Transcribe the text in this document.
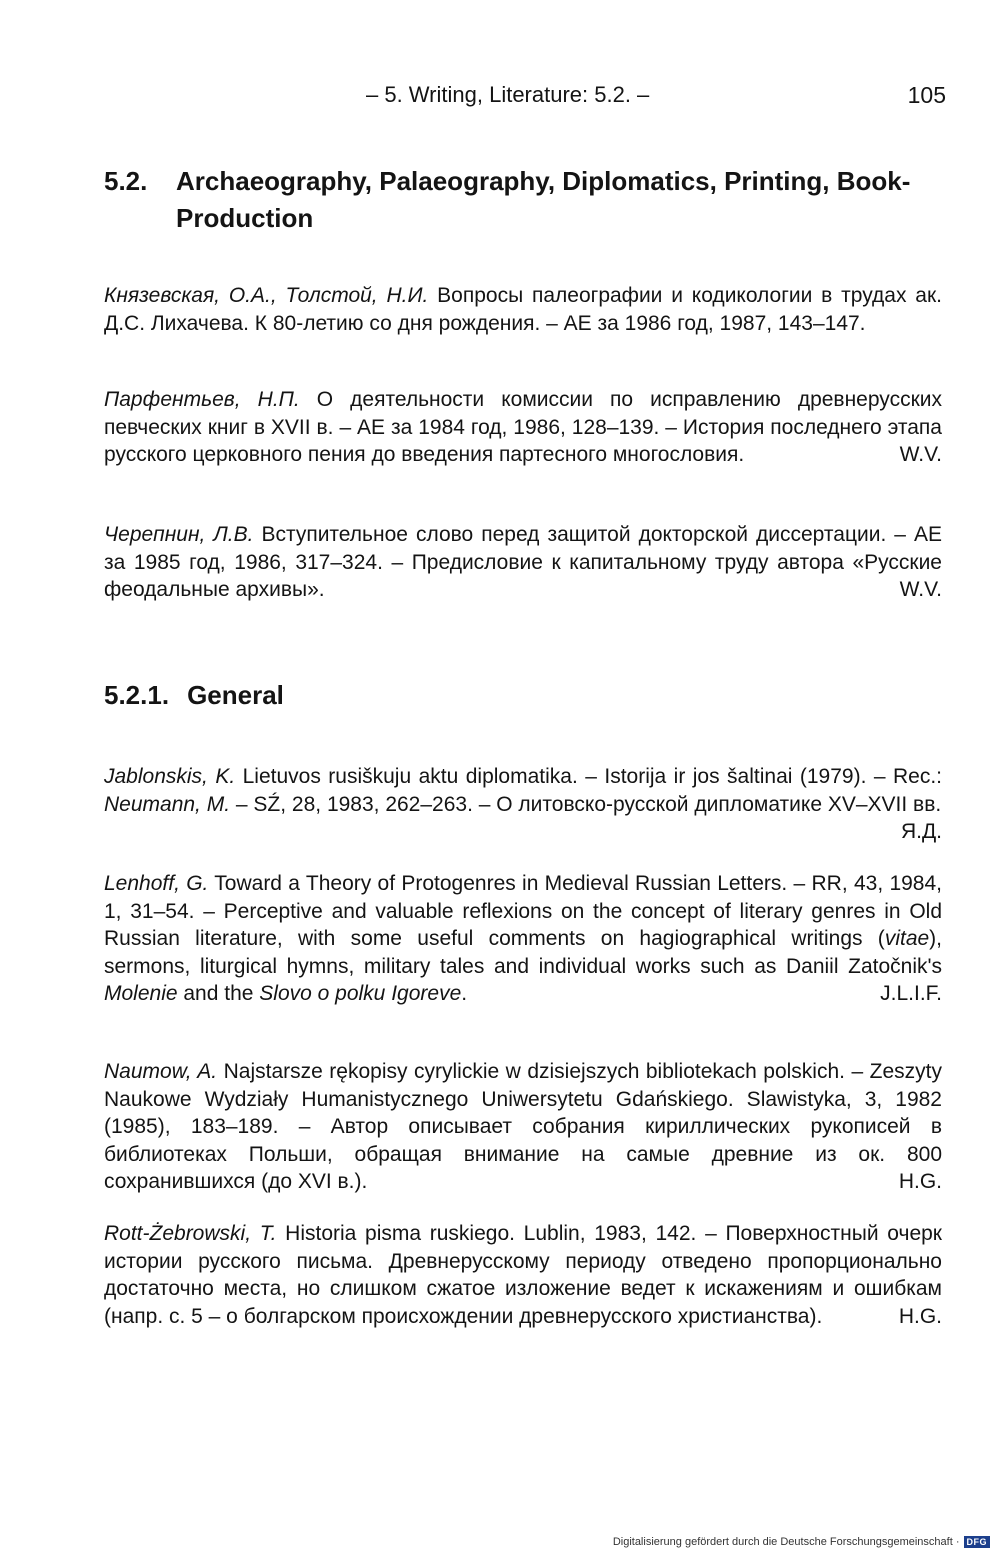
– 5. Writing, Literature: 5.2. –	105
5.2. Archaeography, Palaeography, Diplomatics, Printing, Book-Production
Князевская, О.А., Толстой, Н.И. Вопросы палеографии и кодикологии в трудах ак. Д.С. Лихачева. К 80-летию со дня рождения. – АЕ за 1986 год, 1987, 143–147.
Парфентьев, Н.П. О деятельности комиссии по исправлению древнерусских певческих книг в XVII в. – АЕ за 1984 год, 1986, 128–139. – История последнего этапа русского церковного пения до введения партесного многословия.	W.V.
Черепнин, Л.В. Вступительное слово перед защитой докторской диссертации. – АЕ за 1985 год, 1986, 317–324. – Предисловие к капитальному труду автора «Русские феодальные архивы».	W.V.
5.2.1. General
Jablonskis, K. Lietuvos rusiškuju aktu diplomatika. – Istorija ir jos šaltinai (1979). – Rec.: Neumann, M. – SŹ, 28, 1983, 262–263. – О литовско-русской дипломатике XV–XVII вв.
Я.Д.
Lenhoff, G. Toward a Theory of Protogenres in Medieval Russian Letters. – RR, 43, 1984, 1, 31–54. – Perceptive and valuable reflexions on the concept of literary genres in Old Russian literature, with some useful comments on hagiographical writings (vitae), sermons, liturgical hymns, military tales and individual works such as Daniil Zatočnik's Molenie and the Slovo o polku Igoreve.	J.L.I.F.
Naumow, A. Najstarsze rękopisy cyrylickie w dzisiejszych bibliotekach polskich. – Zeszyty Naukowe Wydziały Humanistycznego Uniwersytetu Gdańskiego. Slawistyka, 3, 1982 (1985), 183–189. – Автор описывает собрания кириллических рукописей в библиотеках Польши, обращая внимание на самые древние из ок. 800 сохранившихся (до XVI в.).	H.G.
Rott-Żebrowski, T. Historia pisma ruskiego. Lublin, 1983, 142. – Поверхностный очерк истории русского письма. Древнерусскому периоду отведено пропорционально достаточно места, но слишком сжатое изложение ведет к искажениям и ошибкам (напр. с. 5 – о болгарском происхождении древнерусского христианства).	H.G.
Digitalisierung gefördert durch die Deutsche Forschungsgemeinschaft · DFG
